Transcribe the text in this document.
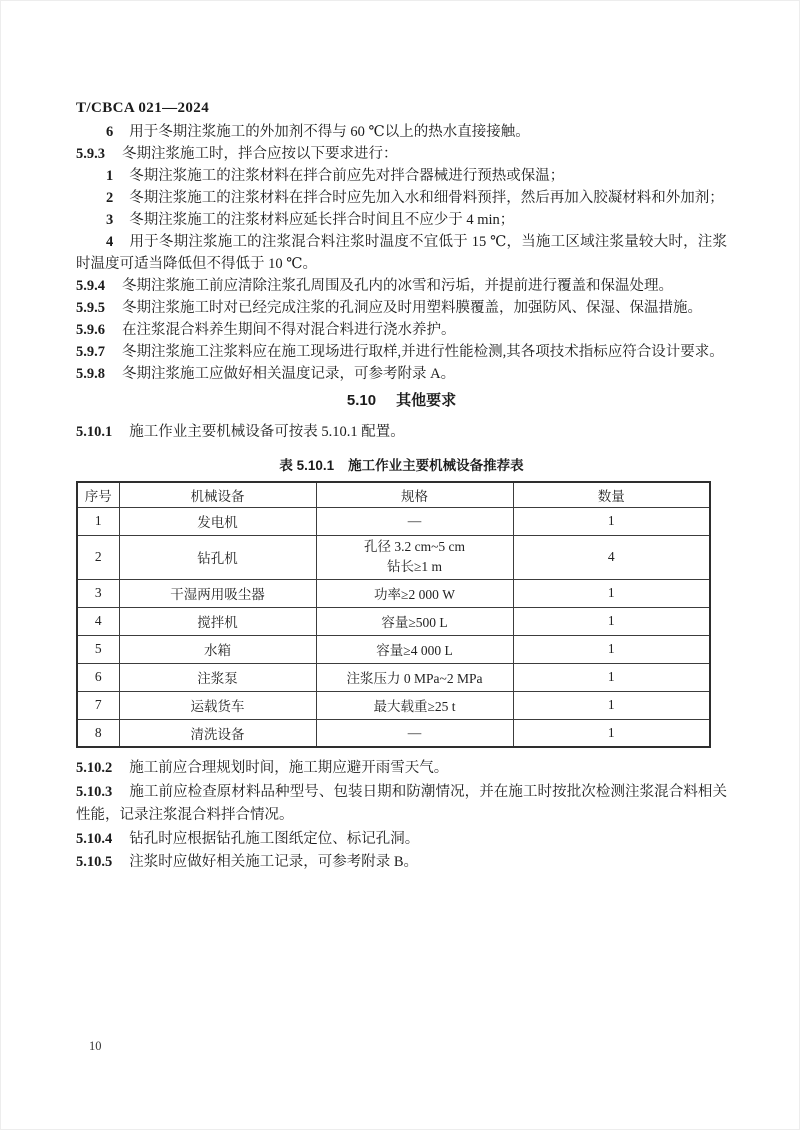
T/CBCA 021—2024

6 用于冬期注浆施工的外加剂不得与 60 ℃以上的热水直接接触。

5.9.3 冬期注浆施工时，拌合应按以下要求进行：

1 冬期注浆施工的注浆材料在拌合前应先对拌合器械进行预热或保温；

2 冬期注浆施工的注浆材料在拌合时应先加入水和细骨料预拌，然后再加入胶凝材料和外加剂；

3 冬期注浆施工的注浆材料应延长拌合时间且不应少于 4 min；

4 用于冬期注浆施工的注浆混合料注浆时温度不宜低于 15 ℃，当施工区域注浆量较大时，注浆时温度可适当降低但不得低于 10 ℃。

5.9.4 冬期注浆施工前应清除注浆孔周围及孔内的冰雪和污垢，并提前进行覆盖和保温处理。

5.9.5 冬期注浆施工时对已经完成注浆的孔洞应及时用塑料膜覆盖，加强防风、保湿、保温措施。

5.9.6 在注浆混合料养生期间不得对混合料进行浇水养护。

5.9.7 冬期注浆施工注浆料应在施工现场进行取样,并进行性能检测,其各项技术指标应符合设计要求。

5.9.8 冬期注浆施工应做好相关温度记录，可参考附录 A。

5.10 其他要求

5.10.1 施工作业主要机械设备可按表 5.10.1 配置。

表 5.10.1 施工作业主要机械设备推荐表
序号	机械设备	规格	数量
1	发电机	—	1
2	钻孔机	孔径 3.2 cm~5 cm
钻长≥1 m	4
3	干湿两用吸尘器	功率≥2 000 W	1
4	搅拌机	容量≥500 L	1
5	水箱	容量≥4 000 L	1
6	注浆泵	注浆压力 0 MPa~2 MPa	1
7	运载货车	最大载重≥25 t	1
8	清洗设备	—	1

5.10.2 施工前应合理规划时间，施工期应避开雨雪天气。

5.10.3 施工前应检查原材料品种型号、包装日期和防潮情况，并在施工时按批次检测注浆混合料相关性能，记录注浆混合料拌合情况。

5.10.4 钻孔时应根据钻孔施工图纸定位、标记孔洞。

5.10.5 注浆时应做好相关施工记录，可参考附录 B。

10
